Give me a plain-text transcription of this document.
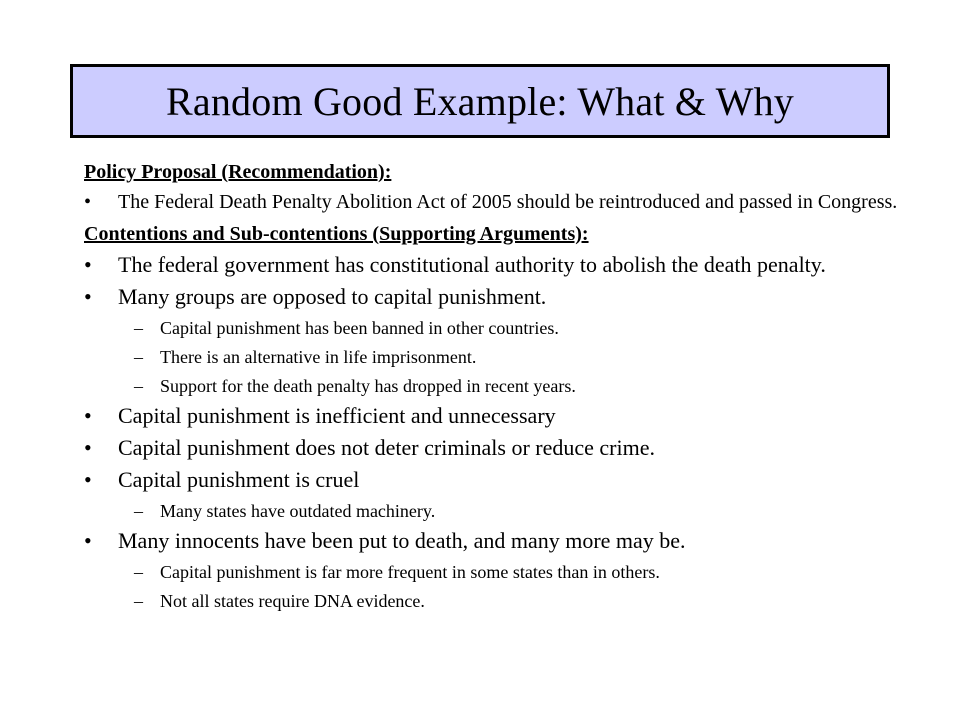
Random Good Example: What & Why
Policy Proposal (Recommendation):
• The Federal Death Penalty Abolition Act of 2005 should be reintroduced and passed in Congress.
Contentions and Sub-contentions (Supporting Arguments):
• The federal government has constitutional authority to abolish the death penalty.
• Many groups are opposed to capital punishment.
– Capital punishment has been banned in other countries.
– There is an alternative in life imprisonment.
– Support for the death penalty has dropped in recent years.
• Capital punishment is inefficient and unnecessary
• Capital punishment does not deter criminals or reduce crime.
• Capital punishment is cruel
– Many states have outdated machinery.
• Many innocents have been put to death, and many more may be.
– Capital punishment is far more frequent in some states than in others.
– Not all states require DNA evidence.
